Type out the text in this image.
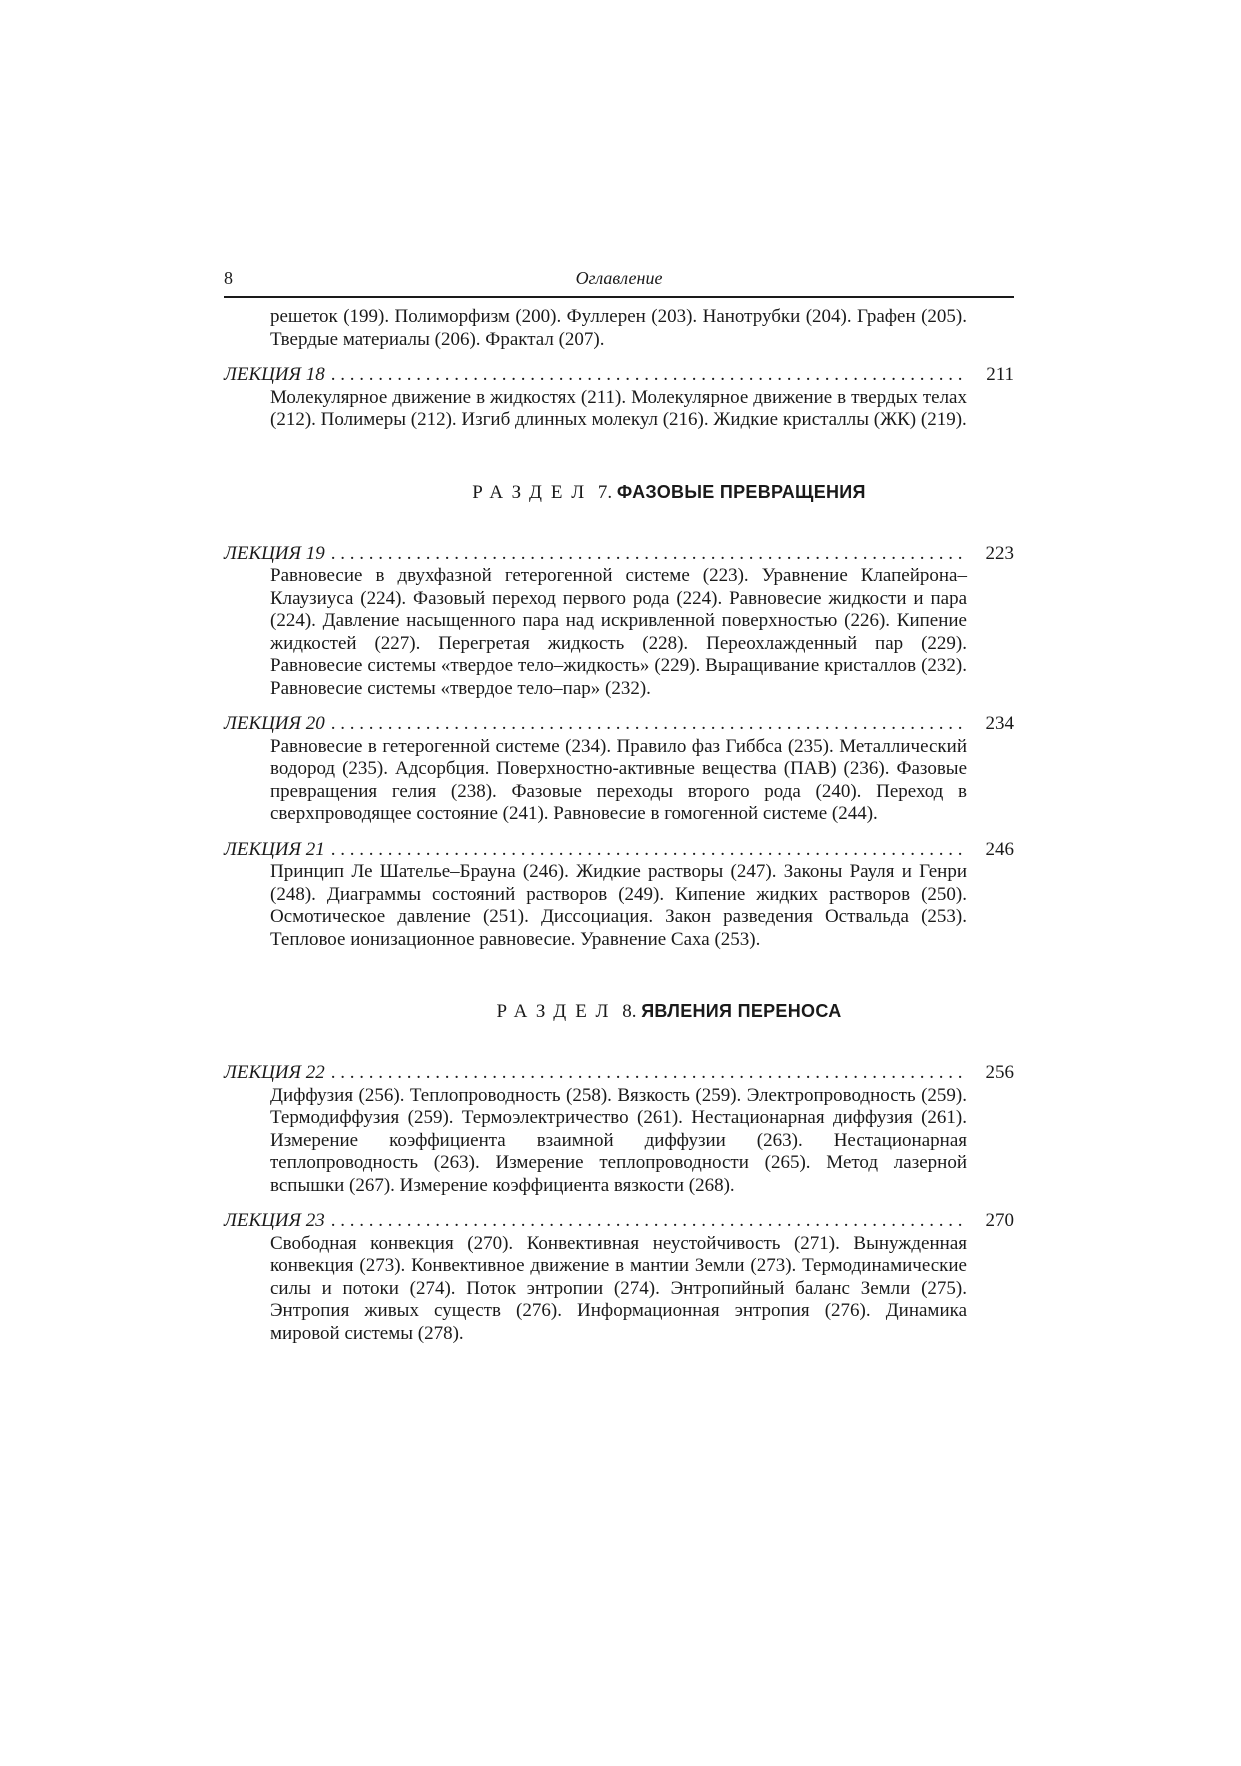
8	Оглавление
решеток (199). Полиморфизм (200). Фуллерен (203). Нанотрубки (204). Графен (205). Твердые материалы (206). Фрактал (207).
ЛЕКЦИЯ 18 . . .	211
Молекулярное движение в жидкостях (211). Молекулярное движение в твердых телах (212). Полимеры (212). Изгиб длинных молекул (216). Жидкие кристаллы (ЖК) (219).
РАЗДЕЛ 7. ФАЗОВЫЕ ПРЕВРАЩЕНИЯ
ЛЕКЦИЯ 19 . . .	223
Равновесие в двухфазной гетерогенной системе (223). Уравнение Клапейрона–Клаузиуса (224). Фазовый переход первого рода (224). Равновесие жидкости и пара (224). Давление насыщенного пара над искривленной поверхностью (226). Кипение жидкостей (227). Перегретая жидкость (228). Переохлажденный пар (229). Равновесие системы «твердое тело–жидкость» (229). Выращивание кристаллов (232). Равновесие системы «твердое тело–пар» (232).
ЛЕКЦИЯ 20 . . .	234
Равновесие в гетерогенной системе (234). Правило фаз Гиббса (235). Металлический водород (235). Адсорбция. Поверхностно-активные вещества (ПАВ) (236). Фазовые превращения гелия (238). Фазовые переходы второго рода (240). Переход в сверхпроводящее состояние (241). Равновесие в гомогенной системе (244).
ЛЕКЦИЯ 21 . . .	246
Принцип Ле Шателье–Брауна (246). Жидкие растворы (247). Законы Рауля и Генри (248). Диаграммы состояний растворов (249). Кипение жидких растворов (250). Осмотическое давление (251). Диссоциация. Закон разведения Оствальда (253). Тепловое ионизационное равновесие. Уравнение Саха (253).
РАЗДЕЛ 8. ЯВЛЕНИЯ ПЕРЕНОСА
ЛЕКЦИЯ 22 . . .	256
Диффузия (256). Теплопроводность (258). Вязкость (259). Электропроводность (259). Термодиффузия (259). Термоэлектричество (261). Нестационарная диффузия (261). Измерение коэффициента взаимной диффузии (263). Нестационарная теплопроводность (263). Измерение теплопроводности (265). Метод лазерной вспышки (267). Измерение коэффициента вязкости (268).
ЛЕКЦИЯ 23 . . .	270
Свободная конвекция (270). Конвективная неустойчивость (271). Вынужденная конвекция (273). Конвективное движение в мантии Земли (273). Термодинамические силы и потоки (274). Поток энтропии (274). Энтропийный баланс Земли (275). Энтропия живых существ (276). Информационная энтропия (276). Динамика мировой системы (278).
